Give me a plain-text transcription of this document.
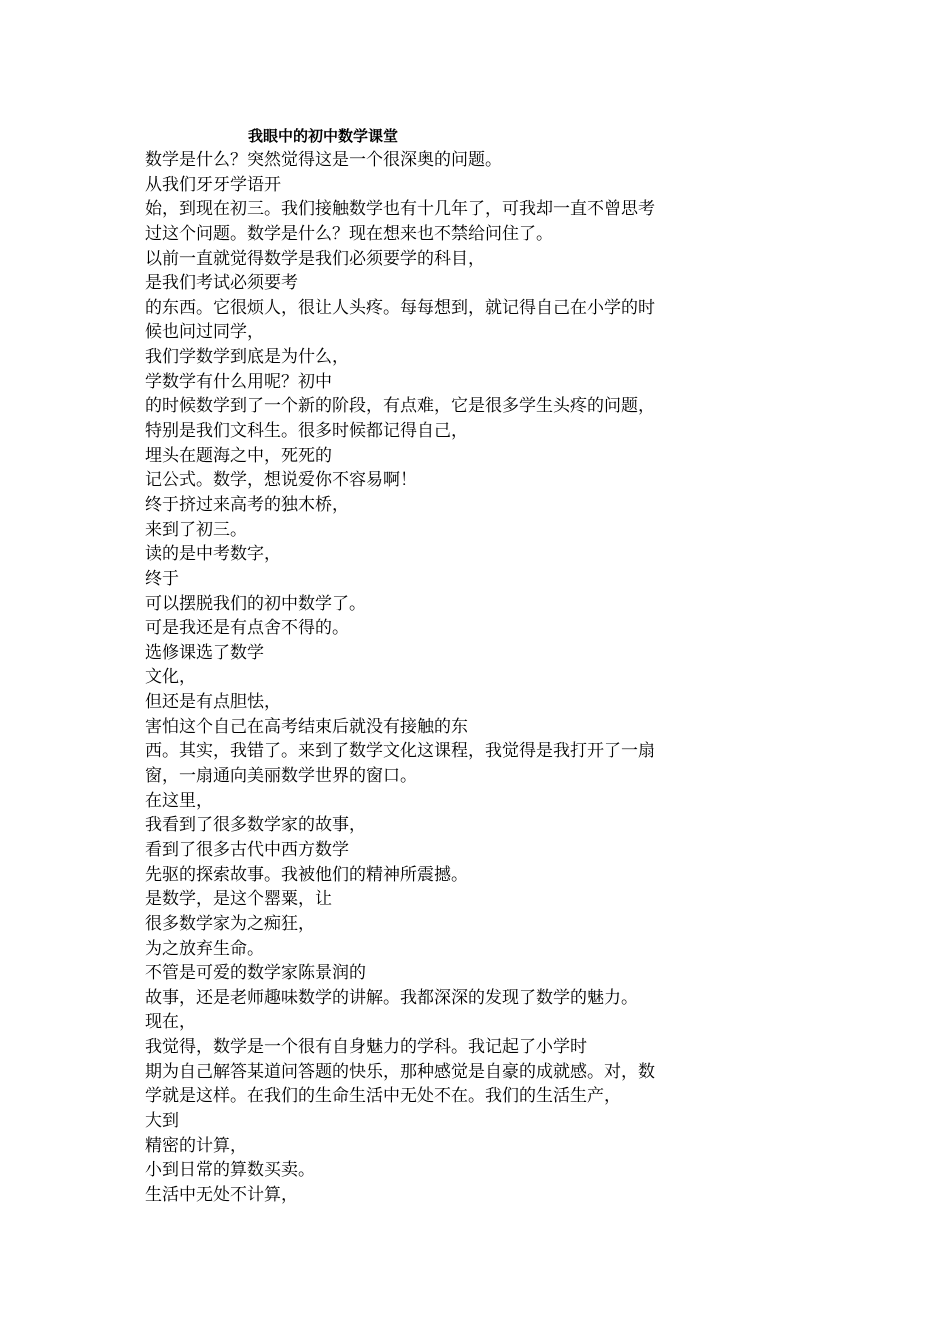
我眼中的初中数学课堂
数学是什么？突然觉得这是一个很深奥的问题。
从我们牙牙学语开
始，到现在初三。我们接触数学也有十几年了，可我却一直不曾思考
过这个问题。数学是什么？现在想来也不禁给问住了。
以前一直就觉得数学是我们必须要学的科目，
是我们考试必须要考
的东西。它很烦人，很让人头疼。每每想到，就记得自己在小学的时
候也问过同学，
我们学数学到底是为什么，
学数学有什么用呢？初中
的时候数学到了一个新的阶段，有点难，它是很多学生头疼的问题，
特别是我们文科生。很多时候都记得自己，
埋头在题海之中，死死的
记公式。数学，想说爱你不容易啊！
终于挤过来高考的独木桥，
来到了初三。
读的是中考数字，
终于
可以摆脱我们的初中数学了。
可是我还是有点舍不得的。
选修课选了数学
文化，
但还是有点胆怯，
害怕这个自己在高考结束后就没有接触的东
西。其实，我错了。来到了数学文化这课程，我觉得是我打开了一扇
窗，一扇通向美丽数学世界的窗口。
在这里，
我看到了很多数学家的故事，
看到了很多古代中西方数学
先驱的探索故事。我被他们的精神所震撼。
是数学，是这个罂粟，让
很多数学家为之痴狂，
为之放弃生命。
不管是可爱的数学家陈景润的
故事，还是老师趣味数学的讲解。我都深深的发现了数学的魅力。
现在，
我觉得，数学是一个很有自身魅力的学科。我记起了小学时
期为自己解答某道问答题的快乐，那种感觉是自豪的成就感。对，数
学就是这样。在我们的生命生活中无处不在。我们的生活生产，
大到
精密的计算，
小到日常的算数买卖。
生活中无处不计算，
